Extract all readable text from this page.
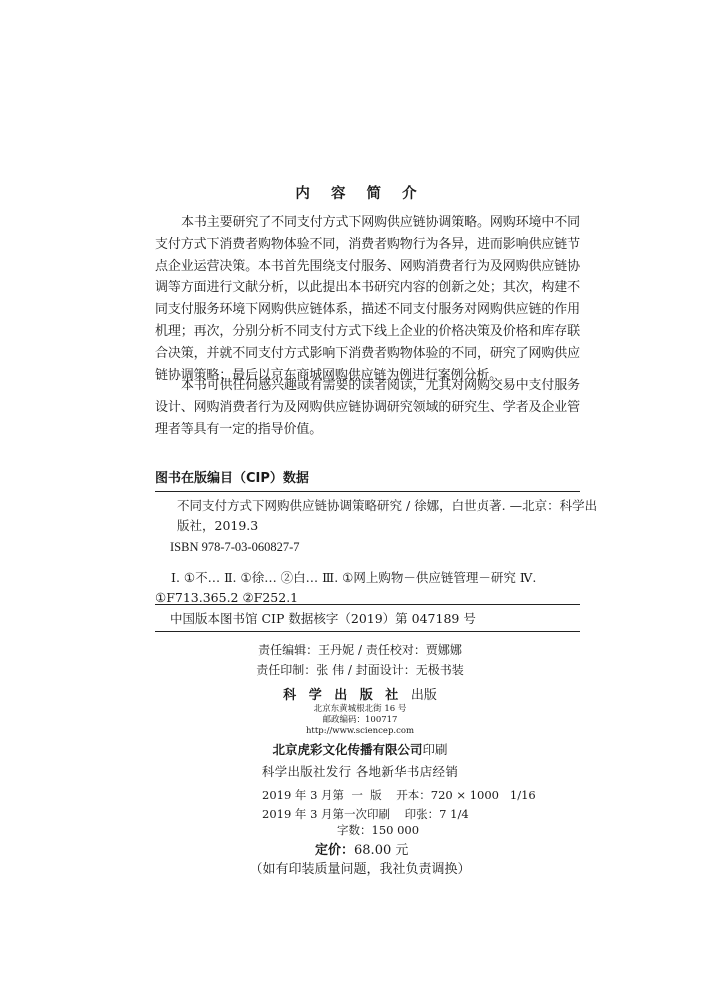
内 容 简 介
本书主要研究了不同支付方式下网购供应链协调策略。网购环境中不同支付方式下消费者购物体验不同，消费者购物行为各异，进而影响供应链节点企业运营决策。本书首先围绕支付服务、网购消费者行为及网购供应链协调等方面进行文献分析，以此提出本书研究内容的创新之处；其次，构建不同支付服务环境下网购供应链体系，描述不同支付服务对网购供应链的作用机理；再次，分别分析不同支付方式下线上企业的价格决策及价格和库存联合决策，并就不同支付方式影响下消费者购物体验的不同，研究了网购供应链协调策略；最后以京东商城网购供应链为例进行案例分析。
本书可供任何感兴趣或有需要的读者阅读，尤其对网购交易中支付服务设计、网购消费者行为及网购供应链协调研究领域的研究生、学者及企业管理者等具有一定的指导价值。
图书在版编目（CIP）数据
不同支付方式下网购供应链协调策略研究 / 徐娜，白世贞著. —北京：科学出版社，2019.3
ISBN 978-7-03-060827-7
Ⅰ. ①不… Ⅱ. ①徐… ②白… Ⅲ. ①网上购物－供应链管理－研究 Ⅳ. ①F713.365.2 ②F252.1
中国版本图书馆 CIP 数据核字（2019）第 047189 号
责任编辑：王丹妮 / 责任校对：贾娜娜
责任印制：张 伟 / 封面设计：无极书装
科 学 出 版 社 出版
北京东黄城根北街 16 号
邮政编码：100717
http://www.sciencep.com
北京虎彩文化传播有限公司印刷
科学出版社发行 各地新华书店经销
2019 年 3 月第  一  版    开本：720 × 1000   1/16
2019 年 3 月第一次印刷    印张：7 1/4
字数：150 000
定价：68.00 元
（如有印装质量问题，我社负责调换）
